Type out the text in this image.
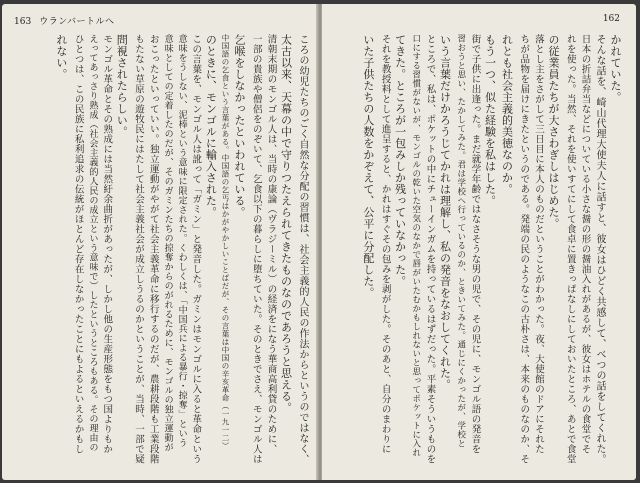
163 ウランバートルへ
ころの幼児たちのごく自然な分配の習慣は、社会主義的人民の作法からというのではなく、
太古以来、天幕の中で守りつたえられてきたものなのであろうと思える。
清朝末期のモンゴル人は、当時の康論（ヴラジーミル）の経済をになう華商高利貸のために、
一部の貴族や僧侶をのぞいて、乞食以下の暮らしに堕ちていた。そのときでさえ、モンゴル人は
乞喉をしなかったといわれている。
中国語の乞食という言葉がある。中国語の乞丐はかがやかしいことばだが、その言葉は中国の辛亥革命（一九一二）
のときに、モンゴルに輸入された。
この言葉を、モンゴル人は訛って「ガミン」と発音した。ガミンはモンゴルに入ると革命という
意味をうしない、泥棒という意味に限定された。くわしくは、「中国兵による暴行・掠奪」という
意味としての定着したのだが、そのガミンたちの掠奪からのがれるために、モンゴルの独立運動が
おこったといっていい。独立運動がやがて社会主義革命に移行するのだが、農耕段階も工業段階
もたない草原の遊牧民にはたして社会主義社会が成立しうるのかということが、当時、一部で疑
問視されたらしい。
モンゴル革命とその熟成には当然紆余曲折があったが、しかし他の生産形態をもつ国よりもか
えってあっさり熟成（社会主義的人民の成立という意味で）したというところもある。その理由の
ひとつは、この民族に私利追求の伝統がほとんど存在しなかったことにもよるといえるかもし
れない。
162
かれていた。
そんな話を、崎山代理大使夫人に話すと、彼女はひどく共感して、べつの話をしてくれた。
日本の折詰弁当などについている小さな醤の形の醤油入れがあるが、彼女はホテルの食堂でそ
れを使った。当然、それを使いすてにして食卓に置きっぱなしにしておいたところ、あとで食堂
の従業員たちが大さわぎしはじめた。
落とし主をさがして三日目に本人のものだということがわかった。夜、大使館のドアにそれた
ちが品物を届けにきたというのである。発端の民のようなこの古朴さは、本来のものなのか、そ
れとも社会主義的美徳なのか。
もう一つ、似た経験を私はした。
街で子供に出逢った。まだ就学年齢ではなさそうな男の児で、その児に、モンゴル語の発音を
習おうと思い、たかしてみた。君は学校へ行っているのか、ときいてみた。通じにくかったが、学校と
いう言葉だけかろうじてかれは理解し、私の発音をなおしてくれた。
ところで、私は、ポケットの中にチューインガムを持っているはずだった。平素そういうものを
口にする習慣がないが、モンゴルの乾いた空気のなかで唇がいたむかもしれないと思ってポケットに入れ
てきた。ところが一包みしか残っていなかった。
それを教授料として進呈すると、かれはすぐその包みを剥がした。そのあと、自分のまわりに
いた子供たちの人数をかぞえて、公平に分配した。
